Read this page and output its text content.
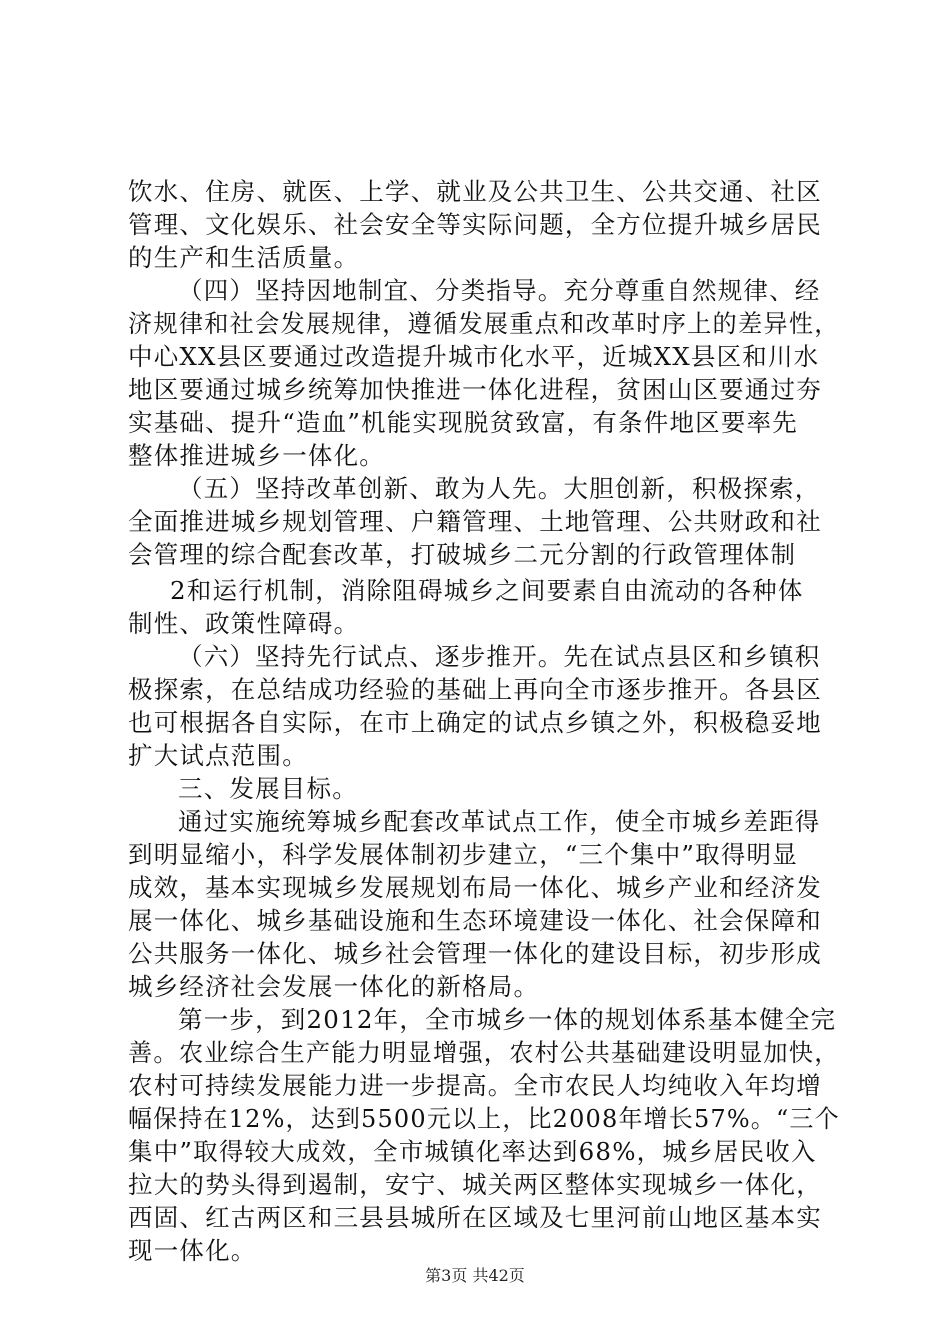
饮水、住房、就医、上学、就业及公共卫生、公共交通、社区
管理、文化娱乐、社会安全等实际问题，全方位提升城乡居民
的生产和生活质量。
（四）坚持因地制宜、分类指导。充分尊重自然规律、经
济规律和社会发展规律，遵循发展重点和改革时序上的差异性，
中心XX县区要通过改造提升城市化水平，近城XX县区和川水
地区要通过城乡统筹加快推进一体化进程，贫困山区要通过夯
实基础、提升“造血”机能实现脱贫致富，有条件地区要率先
整体推进城乡一体化。
（五）坚持改革创新、敢为人先。大胆创新，积极探索，
全面推进城乡规划管理、户籍管理、土地管理、公共财政和社
会管理的综合配套改革，打破城乡二元分割的行政管理体制
2和运行机制，消除阻碍城乡之间要素自由流动的各种体
制性、政策性障碍。
（六）坚持先行试点、逐步推开。先在试点县区和乡镇积
极探索，在总结成功经验的基础上再向全市逐步推开。各县区
也可根据各自实际，在市上确定的试点乡镇之外，积极稳妥地
扩大试点范围。
三、发展目标。
通过实施统筹城乡配套改革试点工作，使全市城乡差距得
到明显缩小，科学发展体制初步建立，“三个集中”取得明显
成效，基本实现城乡发展规划布局一体化、城乡产业和经济发
展一体化、城乡基础设施和生态环境建设一体化、社会保障和
公共服务一体化、城乡社会管理一体化的建设目标，初步形成
城乡经济社会发展一体化的新格局。
第一步，到2012年，全市城乡一体的规划体系基本健全完
善。农业综合生产能力明显增强，农村公共基础建设明显加快，
农村可持续发展能力进一步提高。全市农民人均纯收入年均增
幅保持在12%，达到5500元以上，比2008年增长57%。“三个
集中”取得较大成效，全市城镇化率达到68%，城乡居民收入
拉大的势头得到遏制，安宁、城关两区整体实现城乡一体化，
西固、红古两区和三县县城所在区域及七里河前山地区基本实
现一体化。
第3页 共42页
